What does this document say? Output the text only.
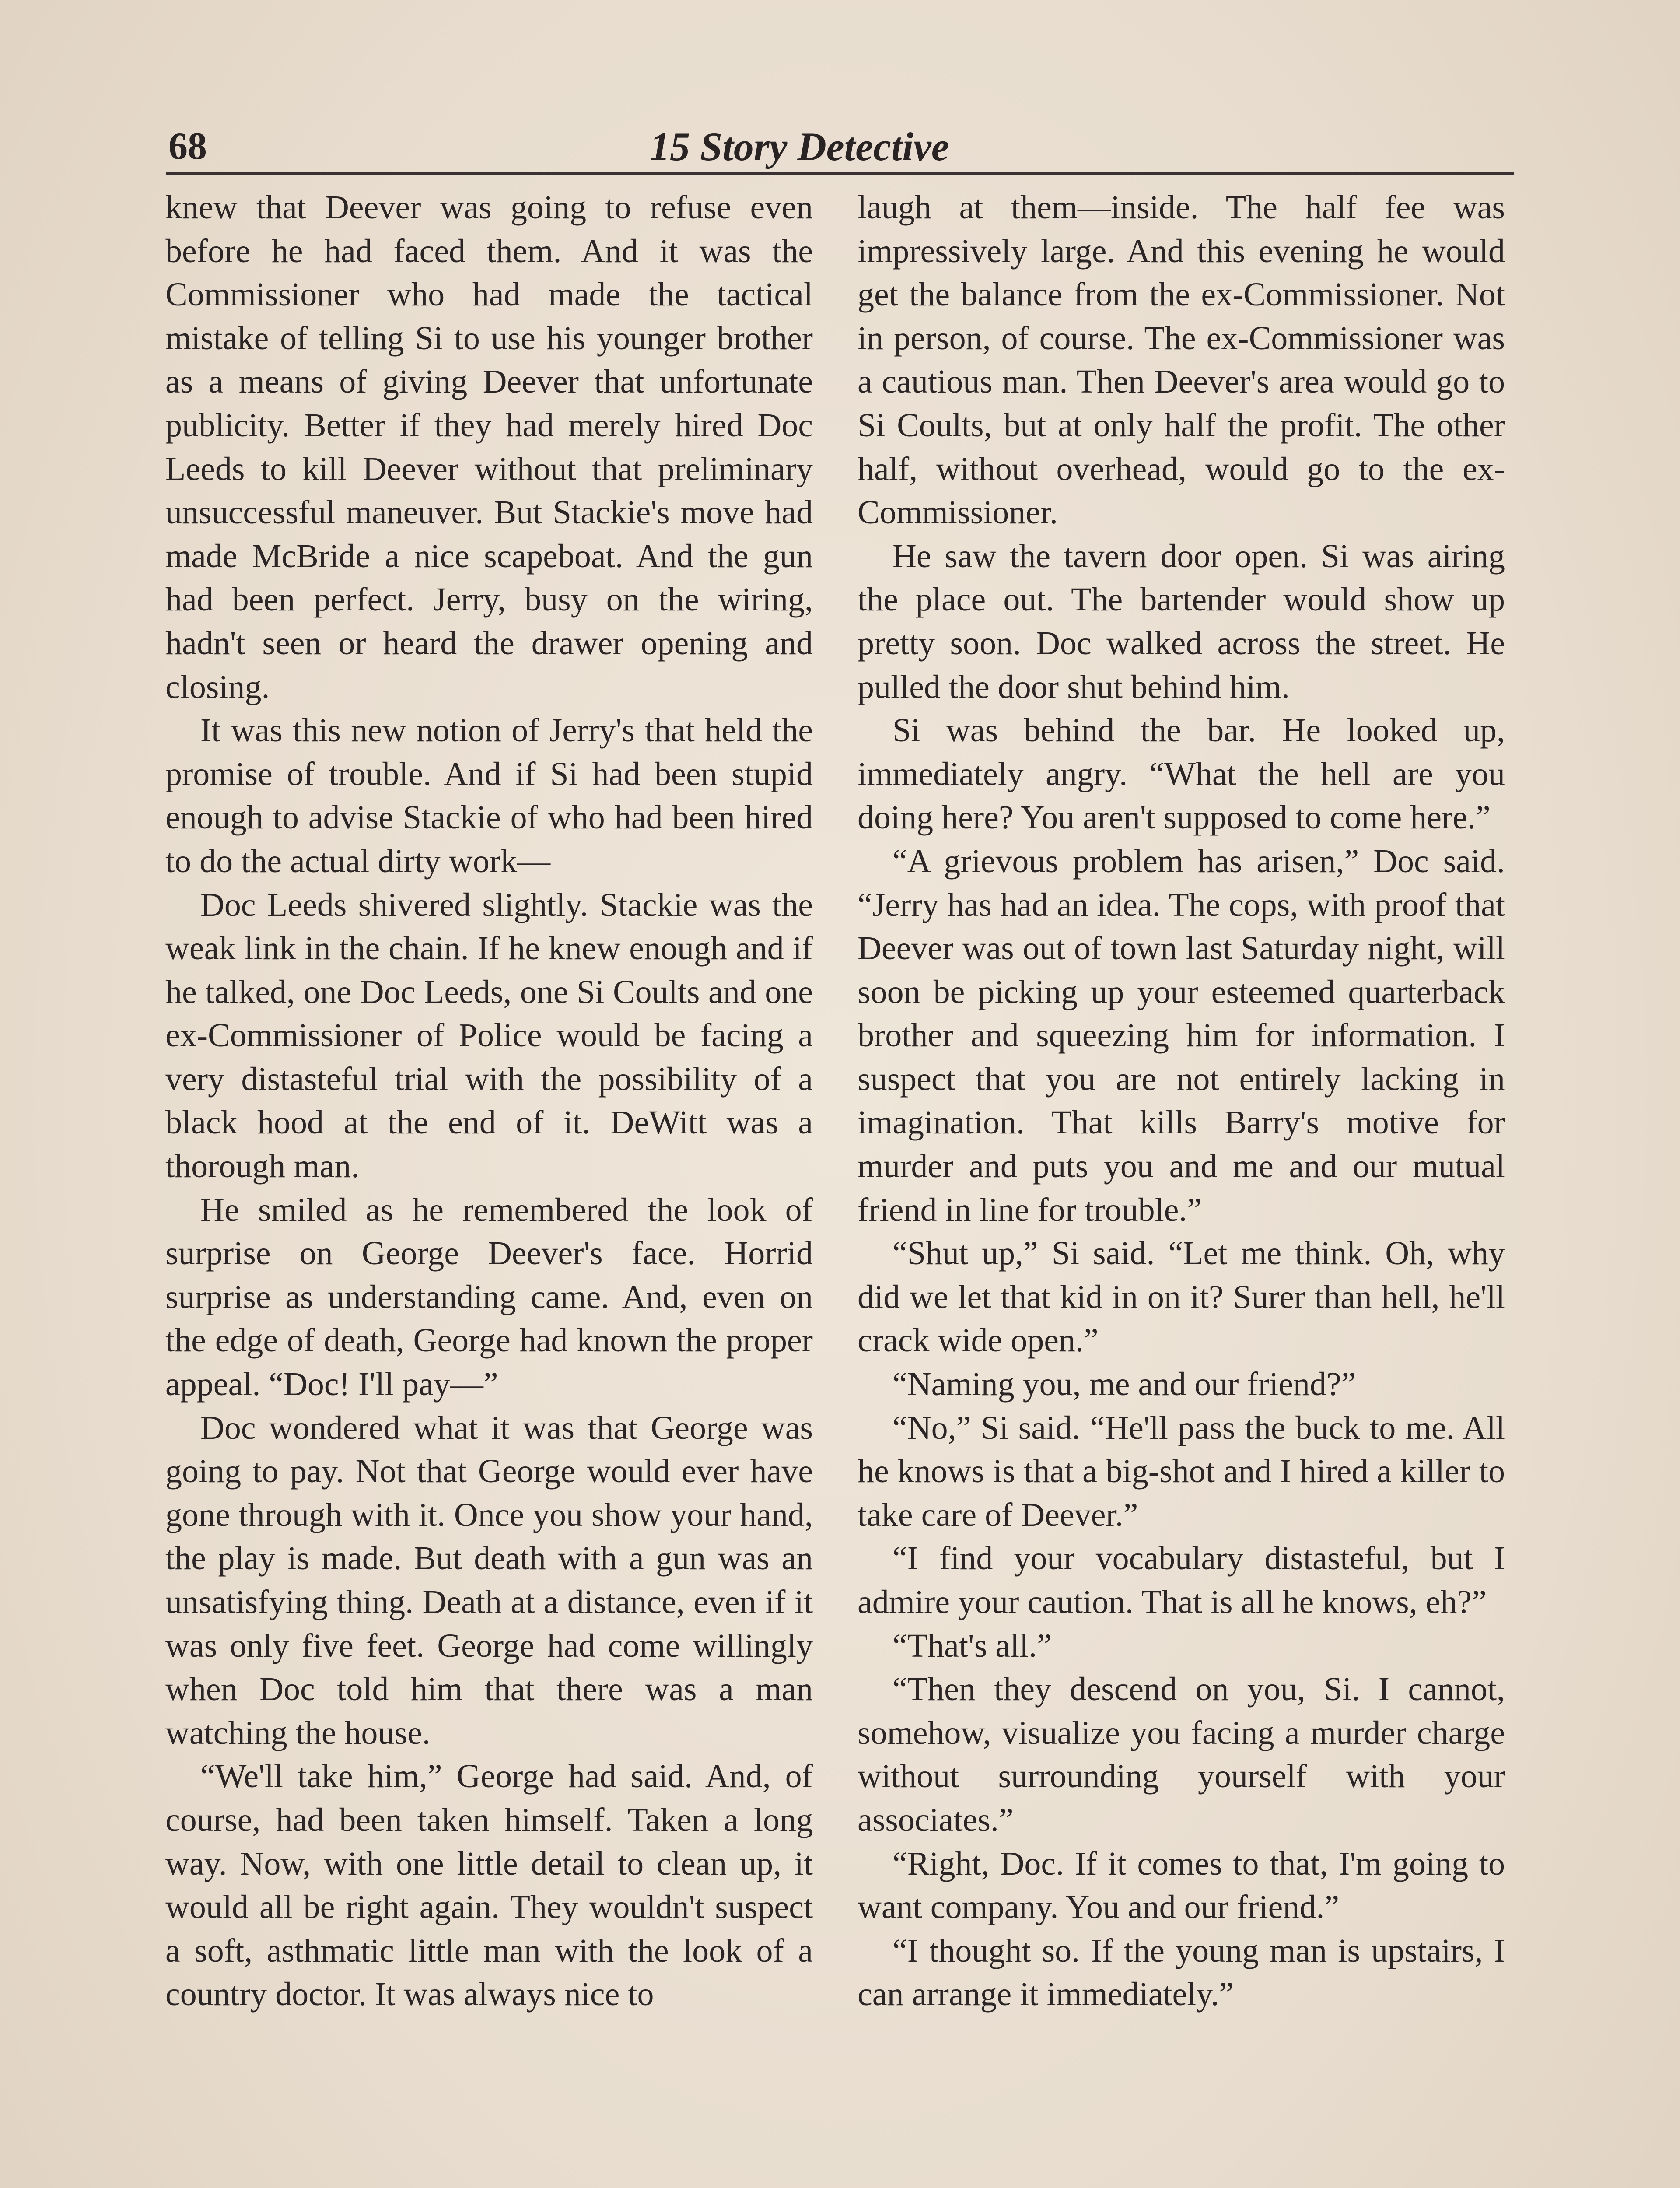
68	15 Story Detective

knew that Deever was going to refuse even before he had faced them. And it was the Commissioner who had made the tactical mistake of telling Si to use his younger brother as a means of giving Deever that unfortunate publicity. Better if they had merely hired Doc Leeds to kill Deever without that preliminary unsuccessful maneuver. But Stackie's move had made McBride a nice scapeboat. And the gun had been perfect. Jerry, busy on the wiring, hadn't seen or heard the drawer opening and closing.

It was this new notion of Jerry's that held the promise of trouble. And if Si had been stupid enough to advise Stackie of who had been hired to do the actual dirty work—

Doc Leeds shivered slightly. Stackie was the weak link in the chain. If he knew enough and if he talked, one Doc Leeds, one Si Coults and one ex-Commissioner of Police would be facing a very distasteful trial with the possibility of a black hood at the end of it. DeWitt was a thorough man.

He smiled as he remembered the look of surprise on George Deever's face. Horrid surprise as understanding came. And, even on the edge of death, George had known the proper appeal. “Doc! I'll pay—”

Doc wondered what it was that George was going to pay. Not that George would ever have gone through with it. Once you show your hand, the play is made. But death with a gun was an unsatisfying thing. Death at a distance, even if it was only five feet. George had come willingly when Doc told him that there was a man watching the house.

“We'll take him,” George had said. And, of course, had been taken himself. Taken a long way. Now, with one little detail to clean up, it would all be right again. They wouldn't suspect a soft, asthmatic little man with the look of a country doctor. It was always nice to

laugh at them—inside. The half fee was impressively large. And this evening he would get the balance from the ex-Commissioner. Not in person, of course. The ex-Commissioner was a cautious man. Then Deever's area would go to Si Coults, but at only half the profit. The other half, without overhead, would go to the ex-Commissioner.

He saw the tavern door open. Si was airing the place out. The bartender would show up pretty soon. Doc walked across the street. He pulled the door shut behind him.

Si was behind the bar. He looked up, immediately angry. “What the hell are you doing here? You aren't supposed to come here.”

“A grievous problem has arisen,” Doc said. “Jerry has had an idea. The cops, with proof that Deever was out of town last Saturday night, will soon be picking up your esteemed quarterback brother and squeezing him for information. I suspect that you are not entirely lacking in imagination. That kills Barry's motive for murder and puts you and me and our mutual friend in line for trouble.”

“Shut up,” Si said. “Let me think. Oh, why did we let that kid in on it? Surer than hell, he'll crack wide open.”

“Naming you, me and our friend?”

“No,” Si said. “He'll pass the buck to me. All he knows is that a big-shot and I hired a killer to take care of Deever.”

“I find your vocabulary distasteful, but I admire your caution. That is all he knows, eh?”

“That's all.”

“Then they descend on you, Si. I cannot, somehow, visualize you facing a murder charge without surrounding yourself with your associates.”

“Right, Doc. If it comes to that, I'm going to want company. You and our friend.”

“I thought so. If the young man is upstairs, I can arrange it immediately.”
